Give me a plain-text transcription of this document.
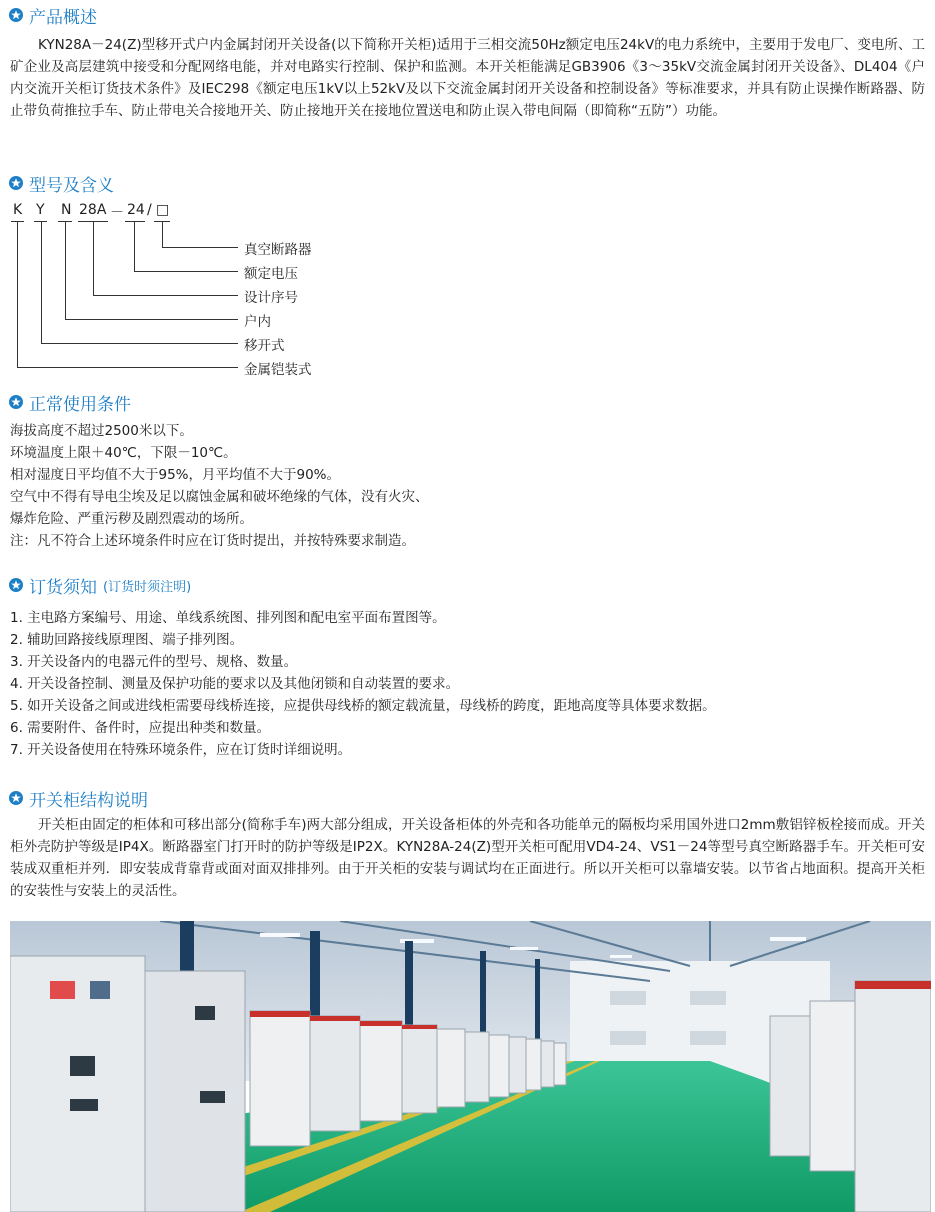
产品概述
KYN28A－24(Z)型移开式户内金属封闭开关设备(以下简称开关柜)适用于三相交流50Hz额定电压24kV的电力系统中，主要用于发电厂、变电所、工矿企业及高层建筑中接受和分配网络电能，并对电路实行控制、保护和监测。本开关柜能满足GB3906《3～35kV交流金属封闭开关设备》、DL404《户内交流开关柜订货技术条件》及IEC298《额定电压1kV以上52kV及以下交流金属封闭开关设备和控制设备》等标准要求，并具有防止误操作断路器、防止带负荷推拉手车、防止带电关合接地开关、防止接地开关在接地位置送电和防止误入带电间隔（即简称“五防”）功能。
型号及含义
K Y N 28A － 24 / □
真空断路器
额定电压
设计序号
户内
移开式
金属铠装式
正常使用条件
海拔高度不超过2500米以下。
环境温度上限＋40℃，下限－10℃。
相对湿度日平均值不大于95%，月平均值不大于90%。
空气中不得有导电尘埃及足以腐蚀金属和破坏绝缘的气体，没有火灾、
爆炸危险、严重污秽及剧烈震动的场所。
注：凡不符合上述环境条件时应在订货时提出，并按特殊要求制造。
订货须知 (订货时须注明)
1. 主电路方案编号、用途、单线系统图、排列图和配电室平面布置图等。
2. 辅助回路接线原理图、端子排列图。
3. 开关设备内的电器元件的型号、规格、数量。
4. 开关设备控制、测量及保护功能的要求以及其他闭锁和自动装置的要求。
5. 如开关设备之间或进线柜需要母线桥连接，应提供母线桥的额定载流量，母线桥的跨度，距地高度等具体要求数据。
6. 需要附件、备件时，应提出种类和数量。
7. 开关设备使用在特殊环境条件，应在订货时详细说明。
开关柜结构说明
开关柜由固定的柜体和可移出部分(简称手车)两大部分组成，开关设备柜体的外壳和各功能单元的隔板均采用国外进口2mm敷铝锌板栓接而成。开关柜外壳防护等级是IP4X。断路器室门打开时的防护等级是IP2X。KYN28A-24(Z)型开关柜可配用VD4-24、VS1－24等型号真空断路器手车。开关柜可安装成双重柜并列．即安装成背靠背或面对面双排排列。由于开关柜的安装与调试均在正面进行。所以开关柜可以靠墙安装。以节省占地面积。提高开关柜的安装性与安装上的灵活性。
